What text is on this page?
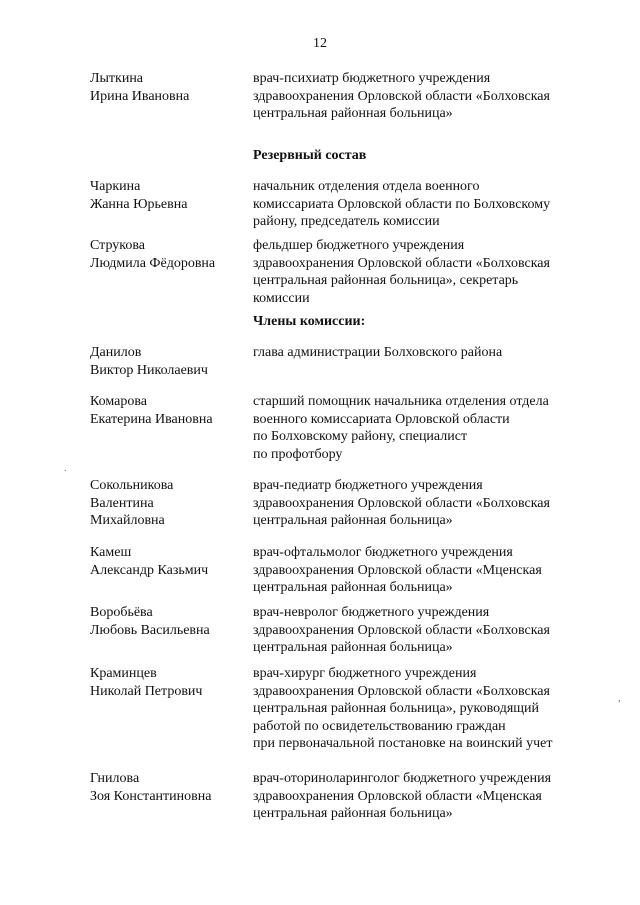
12
Лыткина
Ирина Ивановна
врач-психиатр бюджетного учреждения
здравоохранения Орловской области «Болховская
центральная районная больница»
Резервный состав
Чаркина
Жанна Юрьевна
начальник отделения отдела военного
комиссариата Орловской области по Болховскому
району, председатель комиссии
Струкова
Людмила Фёдоровна
фельдшер бюджетного учреждения
здравоохранения Орловской области «Болховская
центральная районная больница», секретарь
комиссии
Члены комиссии:
Данилов
Виктор Николаевич
глава администрации Болховского района
Комарова
Екатерина Ивановна
старший помощник начальника отделения отдела
военного комиссариата Орловской области
по Болховскому району, специалист
по профотбору
Сокольникова
Валентина
Михайловна
врач-педиатр бюджетного учреждения
здравоохранения Орловской области «Болховская
центральная районная больница»
Камеш
Александр Казьмич
врач-офтальмолог бюджетного учреждения
здравоохранения Орловской области «Мценская
центральная районная больница»
Воробьёва
Любовь Васильевна
врач-невролог бюджетного учреждения
здравоохранения Орловской области «Болховская
центральная районная больница»
Краминцев
Николай Петрович
врач-хирург бюджетного учреждения
здравоохранения Орловской области «Болховская
центральная районная больница», руководящий
работой по освидетельствованию граждан
при первоначальной постановке на воинский учет
Гнилова
Зоя Константиновна
врач-оториноларинголог бюджетного учреждения
здравоохранения Орловской области «Мценская
центральная районная больница»
.
,
